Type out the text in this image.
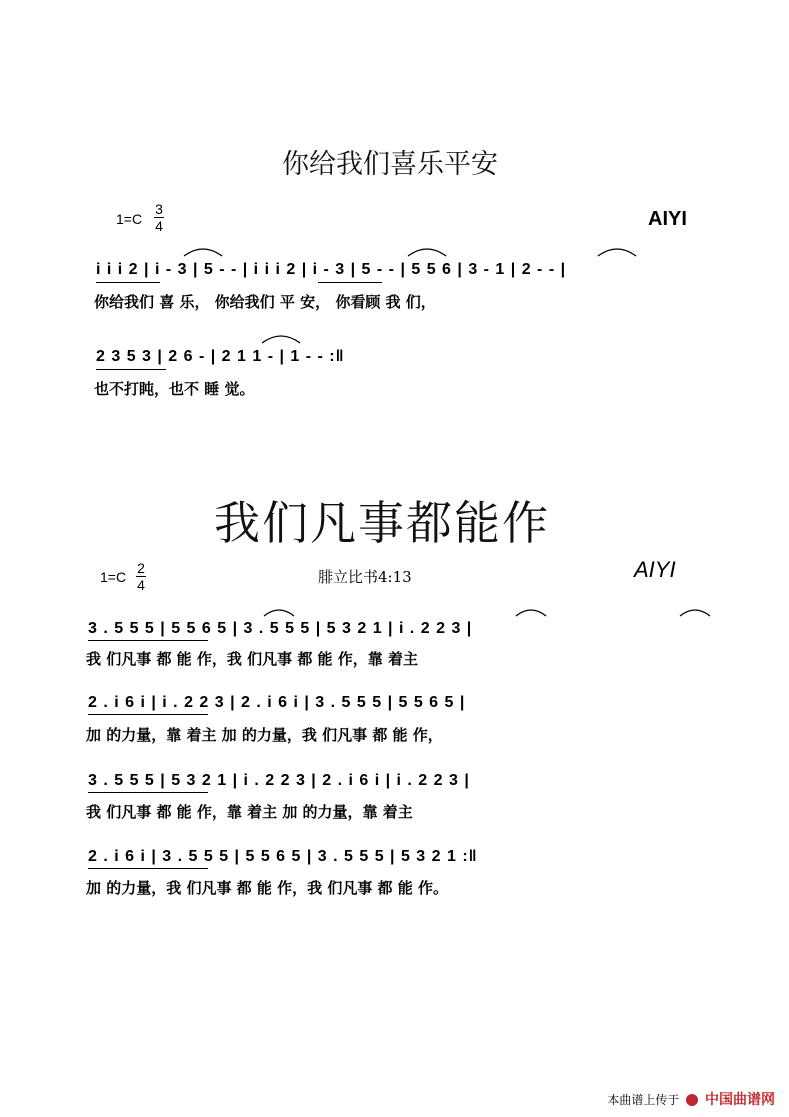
你给我们喜乐平安
1=C
3
4	AIYI
i i i 2 | i - 3 | 5 - - | i i i 2 | i - 3 | 5 - - | 5 5 6 | 3 - 1 | 2 - - |
你给我们 喜 乐， 你给我们 平 安， 你看顾 我 们，
2 3 5 3 | 2 6 - | 2 1 1 - | 1 - - :‖
也不打盹，也不 睡 觉。
我们凡事都能作
1=C
2
4	腓立比书4:13	AIYI
3 . 5 5 5 | 5 5 6 5 | 3 . 5 5 5 | 5 3 2 1 | i . 2 2 3 |
我 们凡事 都 能 作，我 们凡事 都 能 作，靠 着主
2 . i 6 i | i . 2 2 3 | 2 . i 6 i | 3 . 5 5 5 | 5 5 6 5 |
加 的力量，靠 着主 加 的力量，我 们凡事 都 能 作，
3 . 5 5 5 | 5 3 2 1 | i . 2 2 3 | 2 . i 6 i | i . 2 2 3 |
我 们凡事 都 能 作，靠 着主 加 的力量，靠 着主
2 . i 6 i | 3 . 5 5 5 | 5 5 6 5 | 3 . 5 5 5 | 5 3 2 1 :‖
加 的力量，我 们凡事 都 能 作，我 们凡事 都 能 作。
本曲谱上传于 中国曲谱网
